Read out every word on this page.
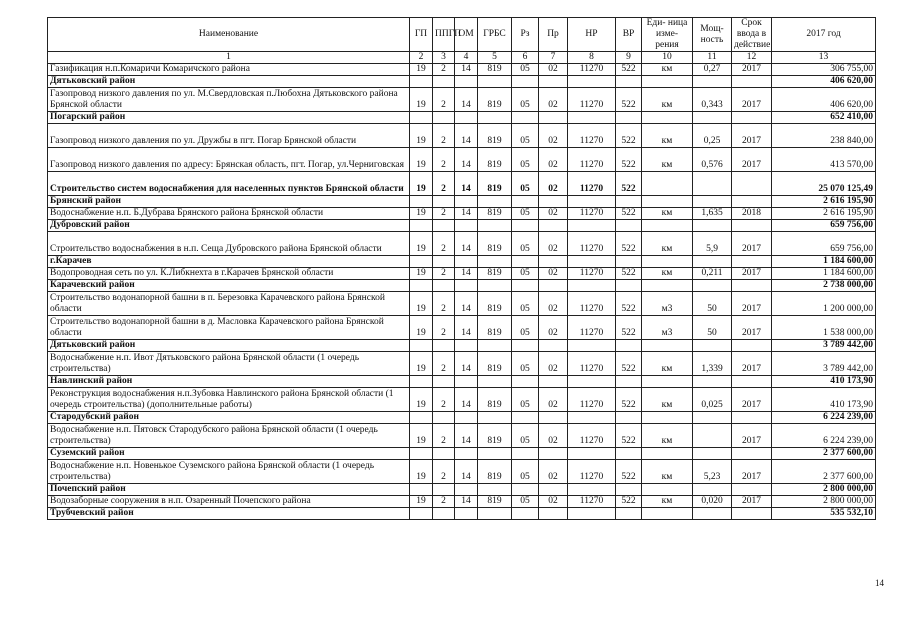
Наименование	ГП	ППГП	ОМ	ГРБС	Рз	Пр	НР	ВР	Еди- ница изме- рения	Мощ- ность	Срок ввода в действие	2017 год
1	2	3	4	5	6	7	8	9	10	11	12	13
Газификация н.п.Комаричи Комаричского района	19	2	14	819	05	02	11270	522	км	0,27	2017	306 755,00
Дятьковский район												406 620,00
Газопровод низкого давления по ул. М.Свердловская п.Любохна Дятьковского района Брянской области	19	2	14	819	05	02	11270	522	км	0,343	2017	406 620,00
Погарский район												652 410,00
Газопровод низкого давления по ул. Дружбы в пгт. Погар Брянской области	19	2	14	819	05	02	11270	522	км	0,25	2017	238 840,00
Газопровод низкого давления по адресу: Брянская область, пгт. Погар, ул.Черниговская	19	2	14	819	05	02	11270	522	км	0,576	2017	413 570,00
Строительство систем водоснабжения для населенных пунктов Брянской области	19	2	14	819	05	02	11270	522				25 070 125,49
Брянский район												2 616 195,90
Водоснабжение н.п. Б.Дубрава Брянского района Брянской области	19	2	14	819	05	02	11270	522	км	1,635	2018	2 616 195,90
Дубровский район												659 756,00
Строительство водоснабжения в н.п. Сеща Дубровского района Брянской области	19	2	14	819	05	02	11270	522	км	5,9	2017	659 756,00
г.Карачев												1 184 600,00
Водопроводная сеть по ул. К.Либкнехта в г.Карачев Брянской области	19	2	14	819	05	02	11270	522	км	0,211	2017	1 184 600,00
Карачевский район												2 738 000,00
Строительство водонапорной башни в п. Березовка Карачевского района Брянской области	19	2	14	819	05	02	11270	522	м3	50	2017	1 200 000,00
Строительство водонапорной башни в д. Масловка Карачевского района Брянской области	19	2	14	819	05	02	11270	522	м3	50	2017	1 538 000,00
Дятьковский район												3 789 442,00
Водоснабжение н.п. Ивот Дятьковского района Брянской области (1 очередь строительства)	19	2	14	819	05	02	11270	522	км	1,339	2017	3 789 442,00
Навлинский район												410 173,90
Реконструкция водоснабжения н.п.Зубовка Навлинского района Брянской области (1 очередь строительства) (дополнительные работы)	19	2	14	819	05	02	11270	522	км	0,025	2017	410 173,90
Стародубский район												6 224 239,00
Водоснабжение н.п. Пятовск Стародубского района Брянской области (1 очередь строительства)	19	2	14	819	05	02	11270	522	км		2017	6 224 239,00
Суземский район												2 377 600,00
Водоснабжение н.п. Новенькое Суземского района Брянской области (1 очередь строительства)	19	2	14	819	05	02	11270	522	км	5,23	2017	2 377 600,00
Почепский район												2 800 000,00
Водозаборные сооружения в н.п. Озаренный Почепского района	19	2	14	819	05	02	11270	522	км	0,020	2017	2 800 000,00
Трубчевский район												535 532,10
14
